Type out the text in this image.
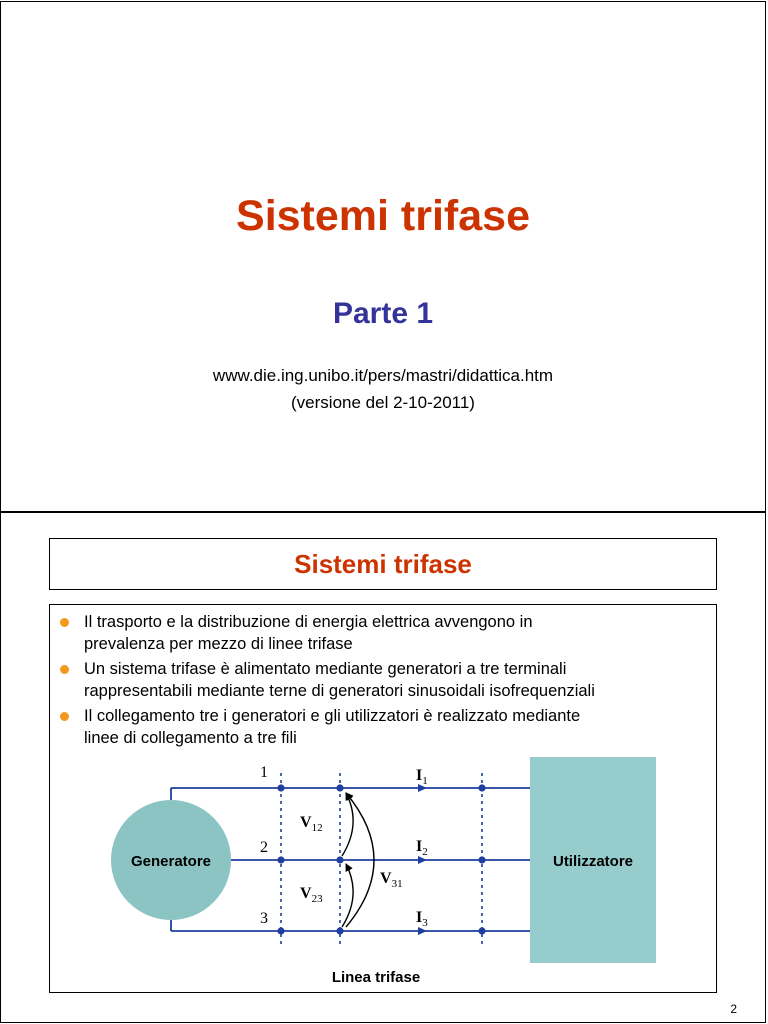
Sistemi trifase
Parte 1
www.die.ing.unibo.it/pers/mastri/didattica.htm
(versione del 2-10-2011)
Sistemi trifase
Il trasporto e la distribuzione di energia elettrica avvengono in
prevalenza per mezzo di linee trifase
Un sistema trifase è alimentato mediante generatori a tre terminali
rappresentabili mediante terne di generatori sinusoidali isofrequenziali
Il collegamento tre i generatori e gli utilizzatori è realizzato mediante
linee di collegamento a tre fili
Generatore	Utilizzatore
1
2
3
$I_1$
$I_2$
$I_3$
$V_{12}$
$V_{23}$
$V_{31}$
Linea trifase
2
